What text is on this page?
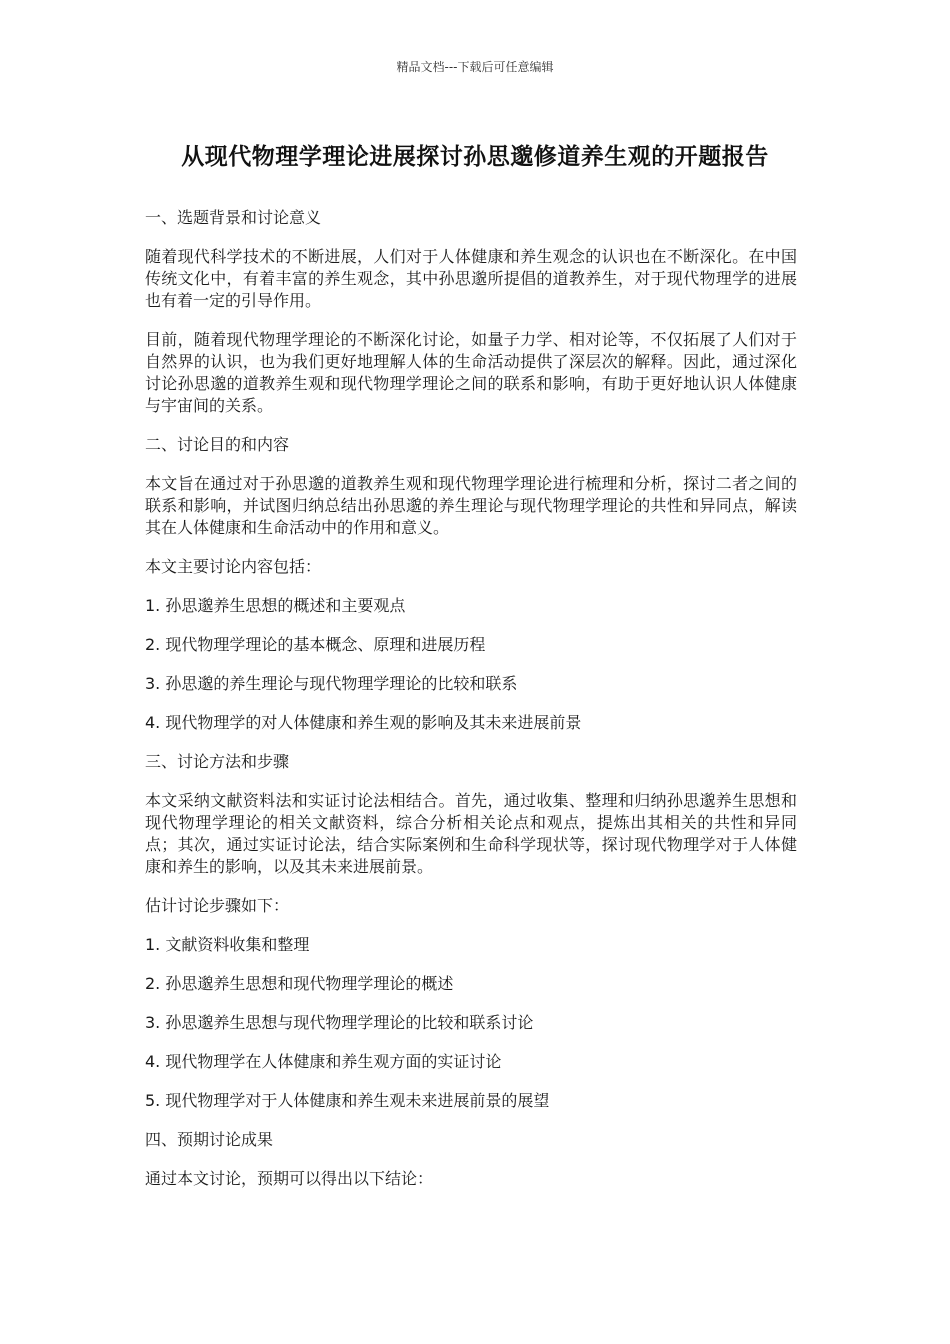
精品文档---下载后可任意编辑
从现代物理学理论进展探讨孙思邈修道养生观的开题报告
一、选题背景和讨论意义
随着现代科学技术的不断进展，人们对于人体健康和养生观念的认识也在不断深化。在中国传统文化中，有着丰富的养生观念，其中孙思邈所提倡的道教养生，对于现代物理学的进展也有着一定的引导作用。
目前，随着现代物理学理论的不断深化讨论，如量子力学、相对论等，不仅拓展了人们对于自然界的认识，也为我们更好地理解人体的生命活动提供了深层次的解释。因此，通过深化讨论孙思邈的道教养生观和现代物理学理论之间的联系和影响，有助于更好地认识人体健康与宇宙间的关系。
二、讨论目的和内容
本文旨在通过对于孙思邈的道教养生观和现代物理学理论进行梳理和分析，探讨二者之间的联系和影响，并试图归纳总结出孙思邈的养生理论与现代物理学理论的共性和异同点，解读其在人体健康和生命活动中的作用和意义。
本文主要讨论内容包括：
1. 孙思邈养生思想的概述和主要观点
2. 现代物理学理论的基本概念、原理和进展历程
3. 孙思邈的养生理论与现代物理学理论的比较和联系
4. 现代物理学的对人体健康和养生观的影响及其未来进展前景
三、讨论方法和步骤
本文采纳文献资料法和实证讨论法相结合。首先，通过收集、整理和归纳孙思邈养生思想和现代物理学理论的相关文献资料，综合分析相关论点和观点，提炼出其相关的共性和异同点；其次，通过实证讨论法，结合实际案例和生命科学现状等，探讨现代物理学对于人体健康和养生的影响，以及其未来进展前景。
估计讨论步骤如下：
1. 文献资料收集和整理
2. 孙思邈养生思想和现代物理学理论的概述
3. 孙思邈养生思想与现代物理学理论的比较和联系讨论
4. 现代物理学在人体健康和养生观方面的实证讨论
5. 现代物理学对于人体健康和养生观未来进展前景的展望
四、预期讨论成果
通过本文讨论，预期可以得出以下结论：
